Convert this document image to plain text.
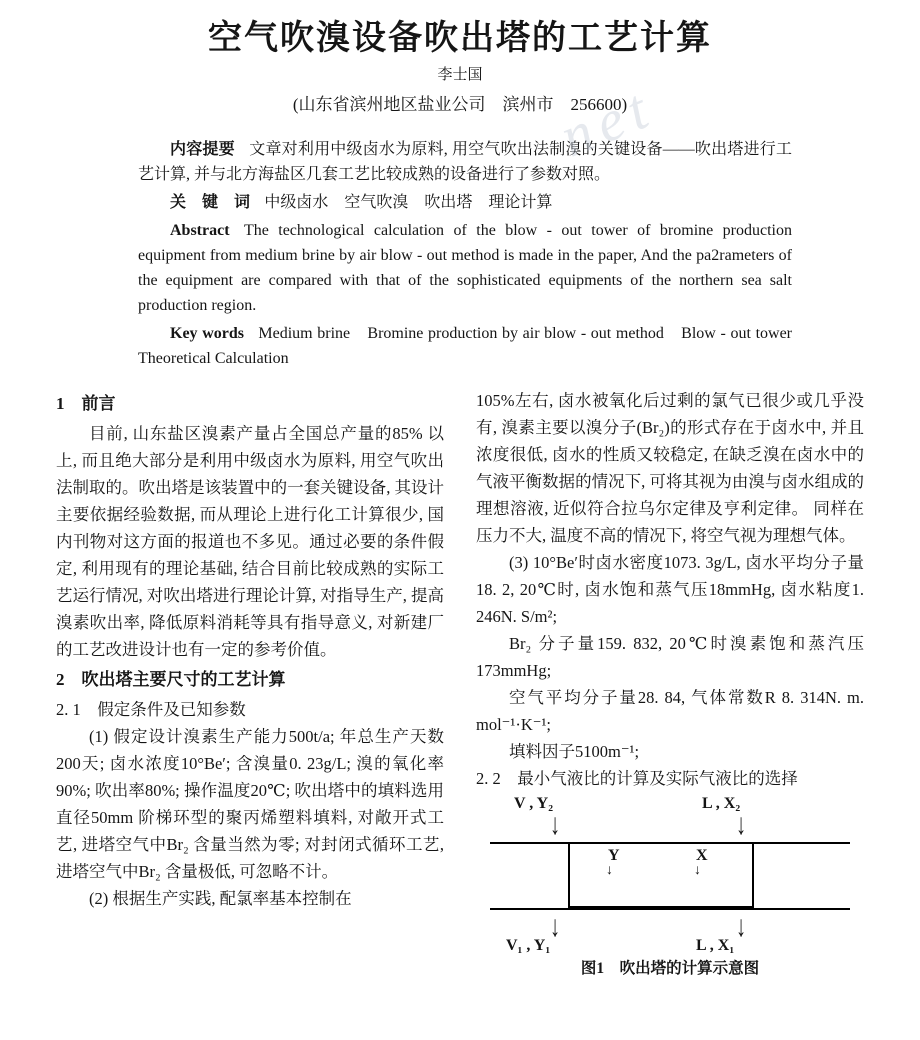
net
空气吹溴设备吹出塔的工艺计算
李士国
(山东省滨州地区盐业公司　滨州市　256600)

内容提要 文章对利用中级卤水为原料, 用空气吹出法制溴的关键设备——吹出塔进行工艺计算, 并与北方海盐区几套工艺比较成熟的设备进行了参数对照。

关　键　词 中级卤水　空气吹溴　吹出塔　理论计算

Abstract The technological calculation of the blow - out tower of bromine production equipment from medium brine by air blow - out method is made in the paper, And the pa2rameters of the equipment are compared with that of the sophisticated equipments of the northern sea salt production region.

Key words Medium brine　Bromine production by air blow - out method　Blow - out tower　Theoretical Calculation

1　前言

目前, 山东盐区溴素产量占全国总产量的85% 以上, 而且绝大部分是利用中级卤水为原料, 用空气吹出法制取的。吹出塔是该装置中的一套关键设备, 其设计主要依据经验数据, 而从理论上进行化工计算很少, 国内刊物对这方面的报道也不多见。通过必要的条件假定, 利用现有的理论基础, 结合目前比较成熟的实际工艺运行情况, 对吹出塔进行理论计算, 对指导生产, 提高溴素吹出率, 降低原料消耗等具有指导意义, 对新建厂的工艺改进设计也有一定的参考价值。

2　吹出塔主要尺寸的工艺计算

2. 1　假定条件及已知参数

(1) 假定设计溴素生产能力500t/a; 年总生产天数200天; 卤水浓度10°Be′; 含溴量0. 23g/L; 溴的氧化率90%; 吹出率80%; 操作温度20℃; 吹出塔中的填料选用直径50mm 阶梯环型的聚丙烯塑料填料, 对敞开式工艺, 进塔空气中Br₂ 含量当然为零; 对封闭式循环工艺, 进塔空气中Br₂ 含量极低, 可忽略不计。

(2) 根据生产实践, 配氯率基本控制在

105%左右, 卤水被氧化后过剩的氯气已很少或几乎没有, 溴素主要以溴分子(Br₂)的形式存在于卤水中, 并且浓度很低, 卤水的性质又较稳定, 在缺乏溴在卤水中的气液平衡数据的情况下, 可将其视为由溴与卤水组成的理想溶液, 近似符合拉乌尔定律及亨利定律。 同样在压力不大, 温度不高的情况下, 将空气视为理想气体。

(3) 10°Be′时卤水密度1073. 3g/L, 卤水平均分子量18. 2, 20℃时, 卤水饱和蒸气压18mmHg, 卤水粘度1. 246N. S/m²;

Br₂ 分子量159. 832, 20℃时溴素饱和蒸汽压173mmHg;

空气平均分子量28. 84, 气体常数R 8. 314N. m. mol⁻¹·K⁻¹;

填料因子5100m⁻¹;

2. 2　最小气液比的计算及实际气液比的选择

V , Y₂	L , X₂
↓	↓
Y	X
↓	↓
↓	↓
V₁ , Y₁	L , X₁
图1　吹出塔的计算示意图
